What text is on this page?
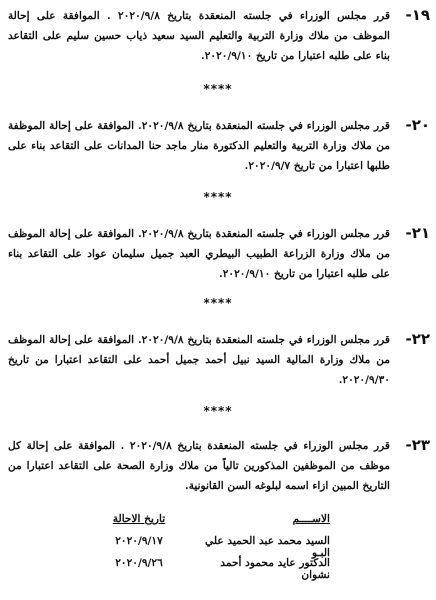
-١٩
قرر مجلس الوزراء في جلسته المنعقدة بتاريخ ٢٠٢٠/٩/٨ . الموافقة على إحالة الموظف من ملاك وزارة التربية والتعليم السيد سعيد ذياب حسين سليم على التقاعد بناء على طلبه اعتبارا من تاريخ ٢٠٢٠/٩/١٠.
****
-٢٠
قرر مجلس الوزراء في جلسته المنعقدة بتاريخ ٢٠٢٠/٩/٨. الموافقة على إحالة الموظفة من ملاك وزارة التربية والتعليم الدكتورة منار ماجد حنا المدانات على التقاعد بناء على طلبها اعتبارا من تاريخ ٢٠٢٠/٩/٧.
****
-٢١
قرر مجلس الوزراء في جلسته المنعقدة بتاريخ ٢٠٢٠/٩/٨. الموافقة على إحالة الموظف من ملاك وزارة الزراعة الطبيب البيطري العبد جميل سليمان عواد على التقاعد بناء على طلبه اعتبارا من تاريخ ٢٠٢٠/٩/١٠.
****
-٢٢
قرر مجلس الوزراء في جلسته المنعقدة بتاريخ ٢٠٢٠/٩/٨. الموافقة على إحالة الموظف من ملاك وزارة المالية السيد نبيل أحمد جميل أحمد على التقاعد اعتبارا من تاريخ ٢٠٢٠/٩/٣٠.
****
-٢٣
قرر مجلس الوزراء في جلسته المنعقدة بتاريخ ٢٠٢٠/٩/٨ . الموافقة على إحالة كل موظف من الموظفين المذكورين تالياً من ملاك وزارة الصحة على التقاعد اعتبارا من التاريخ المبين ازاء اسمه لبلوغه السن القانونية.
الاســــم
تاريخ الاحالة
السيد محمد عبد الحميد علي البـو
٢٠٢٠/٩/١٧
الدكتور عايد محمود أحمد نشوان
٢٠٢٠/٩/٢٦
